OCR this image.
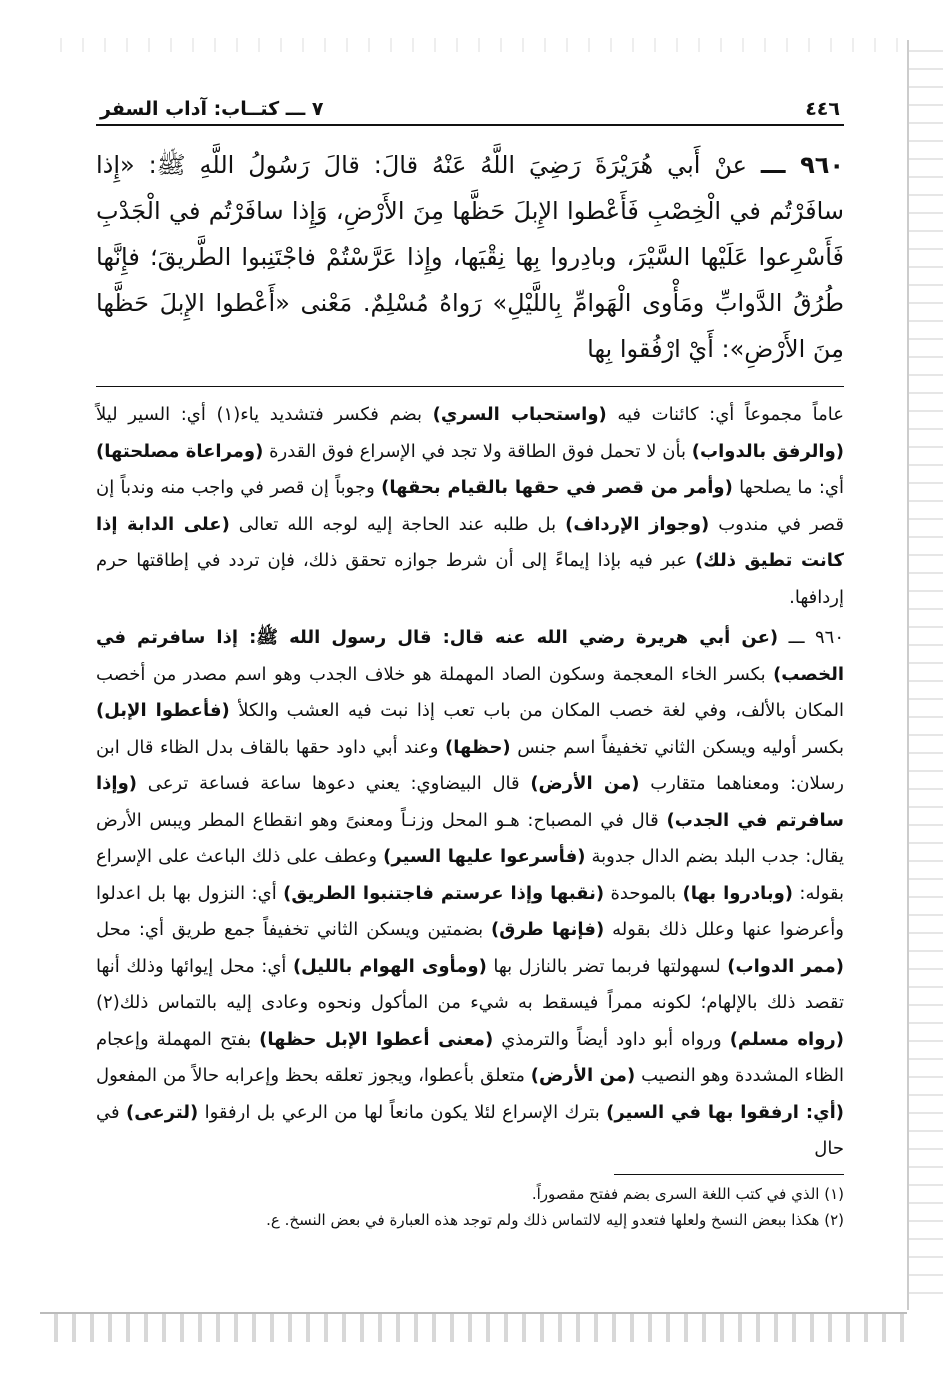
٤٤٦
٧ ـــ كتــاب: آداب السفر
٩٦٠ ـــ عنْ أَبي هُرَيْرَةَ رَضِيَ اللَّهُ عَنْهُ قالَ: قالَ رَسُولُ اللَّهِ ﷺ: «إِذا سافَرْتُم في الْخِصْبِ فَأَعْطوا الإِبلَ حَظَّها مِنَ الأَرْضِ، وَإِذا سافَرْتُم في الْجَدْبِ فَأَسْرِعوا عَلَيْها السَّيْرَ، وبادِروا بِها نِقْيَها، وإِذا عَرَّسْتُمْ فاجْتَنِبوا الطَّريقَ؛ فإِنَّها طُرُقُ الدَّوابِّ ومَأْوى الْهَوامِّ بِاللَّيْلِ» رَواهُ مُسْلِمٌ. مَعْنى «أَعْطوا الإِبلَ حَظَّها مِنَ الأَرْضِ»: أَيْ ارْفُقوا بِها

عاماً مجموعاً أي: كائنات فيه (واستحباب السري) بضم فكسر فتشديد ياء(١) أي: السير ليلاً (والرفق بالدواب) بأن لا تحمل فوق الطاقة ولا تجد في الإسراع فوق القدرة (ومراعاة مصلحتها) أي: ما يصلحها (وأمر من قصر في حقها بالقيام بحقها) وجوباً إن قصر في واجب منه وندباً إن قصر في مندوب (وجواز الإرداف) بل طلبه عند الحاجة إليه لوجه الله تعالى (على الدابة إذا كانت تطيق ذلك) عبر فيه بإذا إيماءً إلى أن شرط جوازه تحقق ذلك، فإن تردد في إطاقتها حرم إردافها.

٩٦٠ ـــ (عن أبي هريرة رضي الله عنه قال: قال رسول الله ﷺ: إذا سافرتم في الخصب) بكسر الخاء المعجمة وسكون الصاد المهملة هو خلاف الجدب وهو اسم مصدر من أخصب المكان بالألف، وفي لغة خصب المكان من باب تعب إذا نبت فيه العشب والكلأ (فأعطوا الإبل) بكسر أوليه ويسكن الثاني تخفيفاً اسم جنس (حظها) وعند أبي داود حقها بالقاف بدل الظاء قال ابن رسلان: ومعناهما متقارب (من الأرض) قال البيضاوي: يعني دعوها ساعة فساعة ترعى (وإذا سافرتم في الجدب) قال في المصباح: هـو المحل وزنـاً ومعنىً وهو انقطاع المطر ويبس الأرض يقال: جدب البلد بضم الدال جدوبة (فأسرعوا عليها السير) وعطف على ذلك الباعث على الإسراع بقوله: (وبادروا بها) بالموحدة (نقبها وإذا عرستم فاجتنبوا الطريق) أي: النزول بها بل اعدلوا وأعرضوا عنها وعلل ذلك بقوله (فإنها طرق) بضمتين ويسكن الثاني تخفيفاً جمع طريق أي: محل (ممر الدواب) لسهولتها فربما تضر بالنازل بها (ومأوى الهوام بالليل) أي: محل إيوائها وذلك أنها تقصد ذلك بالإلهام؛ لكونه ممراً فيسقط به شيء من المأكول ونحوه وعادى إليه بالتماس ذلك(٢) (رواه مسلم) ورواه أبو داود أيضاً والترمذي (معنى أعطوا الإبل حظها) بفتح المهملة وإعجام الظاء المشددة وهو النصيب (من الأرض) متعلق بأعطوا، ويجوز تعلقه بحظ وإعرابه حالاً من المفعول (أي: ارفقوا بها في السير) بترك الإسراع لئلا يكون مانعاً لها من الرعي بل ارفقوا (لترعى) في حال

(١) الذي في كتب اللغة السرى بضم ففتح مقصوراً.
(٢) هكذا ببعض النسخ ولعلها فتعدو إليه لالتماس ذلك ولم توجد هذه العبارة في بعض النسخ. ع.
